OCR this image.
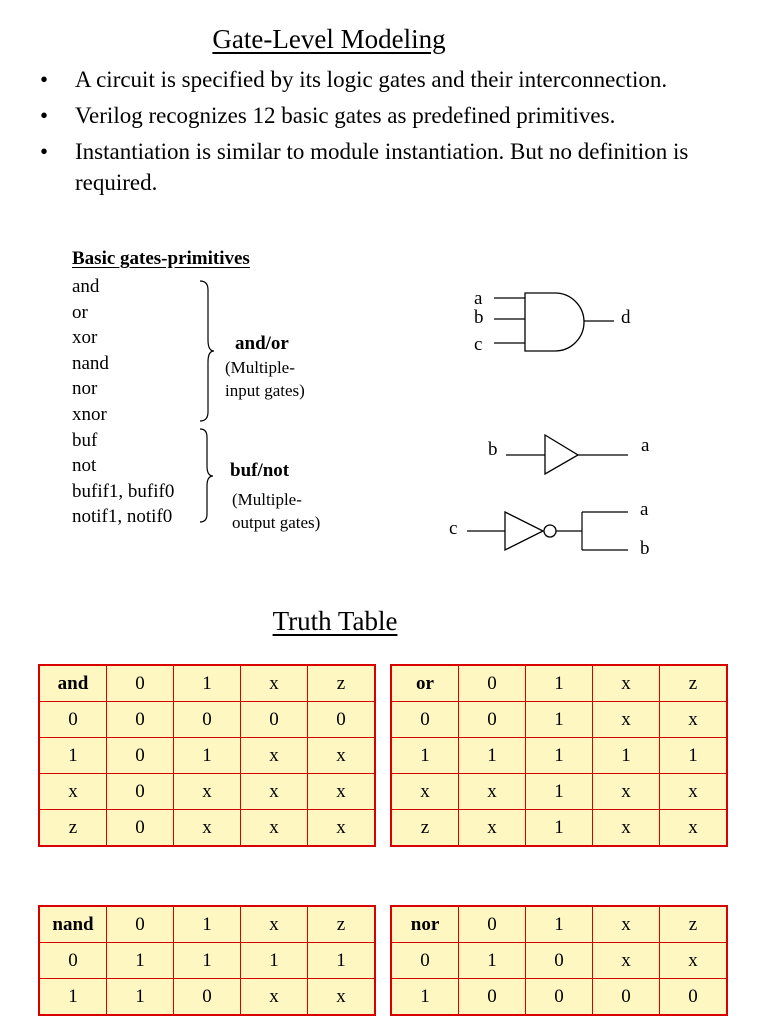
Gate-Level Modeling
• A circuit is specified by its logic gates and their interconnection.
• Verilog recognizes 12 basic gates as predefined primitives.
• Instantiation is similar to module instantiation. But no definition is required.
Basic gates-primitives
and
or
xor
nand
nor
xnor
buf
not
bufif1, bufif0
notif1, notif0
and/or
(Multiple-
input gates)
buf/not
(Multiple-
output gates)
a
b
c
d
b	a
c
a
b
Truth Table
and	0	1	x	z
0	0	0	0	0
1	0	1	x	x
x	0	x	x	x
z	0	x	x	x
or	0	1	x	z
0	0	1	x	x
1	1	1	1	1
x	x	1	x	x
z	x	1	x	x
nand	0	1	x	z
0	1	1	1	1
1	1	0	x	x
nor	0	1	x	z
0	1	0	x	x
1	0	0	0	0
